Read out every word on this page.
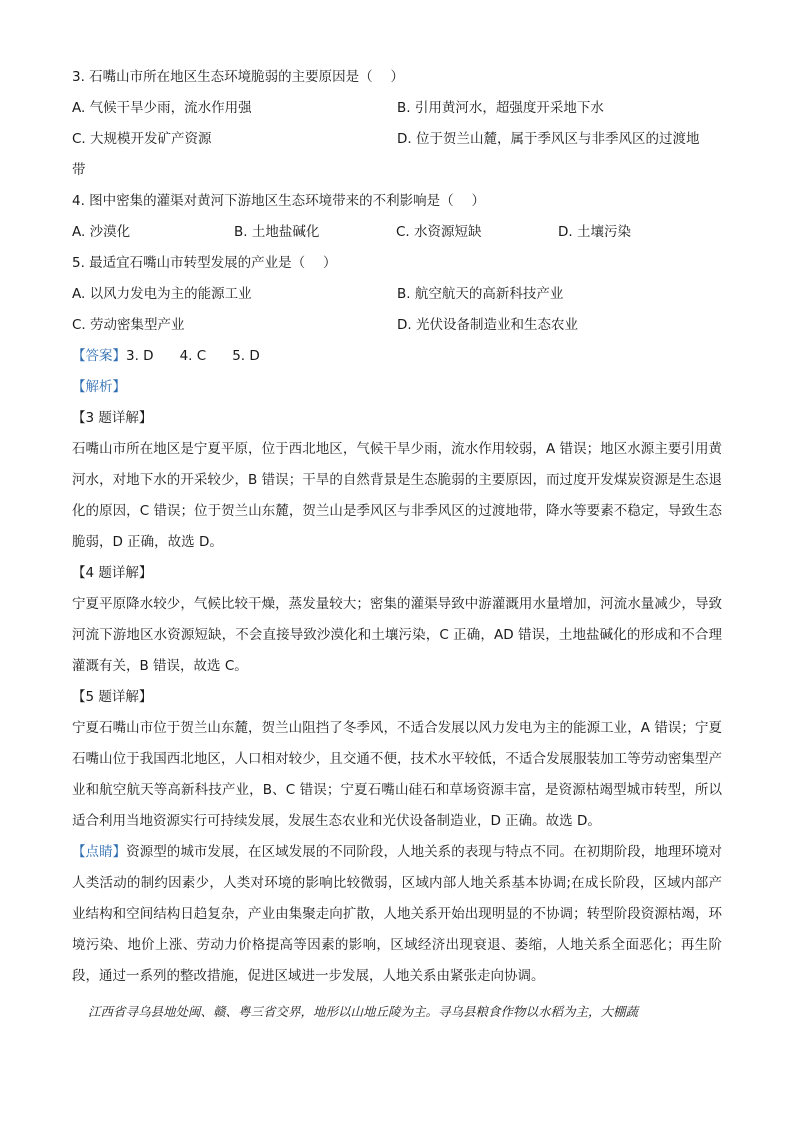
3. 石嘴山市所在地区生态环境脆弱的主要原因是（　 ）
A. 气候干旱少雨，流水作用强	B. 引用黄河水，超强度开采地下水
C. 大规模开发矿产资源	D. 位于贺兰山麓，属于季风区与非季风区的过渡地
带
4. 图中密集的灌渠对黄河下游地区生态环境带来的不利影响是（　 ）
A. 沙漠化	B. 土地盐碱化	C. 水资源短缺	D. 土壤污染
5. 最适宜石嘴山市转型发展的产业是（　 ）
A. 以风力发电为主的能源工业	B. 航空航天的高新科技产业
C. 劳动密集型产业	D. 光伏设备制造业和生态农业
【答案】 3. D 4. C 5. D
【解析】
【3 题详解】
石嘴山市所在地区是宁夏平原，位于西北地区，气候干旱少雨，流水作用较弱，A 错误；地区水源主要引用黄河水，对地下水的开采较少，B 错误；干旱的自然背景是生态脆弱的主要原因，而过度开发煤炭资源是生态退化的原因，C 错误；位于贺兰山东麓，贺兰山是季风区与非季风区的过渡地带，降水等要素不稳定，导致生态脆弱，D 正确，故选 D。
【4 题详解】
宁夏平原降水较少，气候比较干燥，蒸发量较大；密集的灌渠导致中游灌溉用水量增加，河流水量减少，导致河流下游地区水资源短缺，不会直接导致沙漠化和土壤污染，C 正确，AD 错误，土地盐碱化的形成和不合理灌溉有关，B 错误，故选 C。
【5 题详解】
宁夏石嘴山市位于贺兰山东麓，贺兰山阻挡了冬季风，不适合发展以风力发电为主的能源工业，A 错误；宁夏石嘴山位于我国西北地区，人口相对较少，且交通不便，技术水平较低，不适合发展服装加工等劳动密集型产业和航空航天等高新科技产业，B、C 错误；宁夏石嘴山硅石和草场资源丰富，是资源枯竭型城市转型，所以适合利用当地资源实行可持续发展，发展生态农业和光伏设备制造业，D 正确。故选 D。
【点睛】资源型的城市发展，在区域发展的不同阶段，人地关系的表现与特点不同。在初期阶段，地理环境对人类活动的制约因素少，人类对环境的影响比较微弱，区域内部人地关系基本协调;在成长阶段，区域内部产业结构和空间结构日趋复杂，产业由集聚走向扩散，人地关系开始出现明显的不协调；转型阶段资源枯竭，环境污染、地价上涨、劳动力价格提高等因素的影响，区域经济出现衰退、萎缩，人地关系全面恶化；再生阶段，通过一系列的整改措施，促进区域进一步发展，人地关系由紧张走向协调。
江西省寻乌县地处闽、赣、粤三省交界，地形以山地丘陵为主。寻乌县粮食作物以水稻为主，大棚蔬
